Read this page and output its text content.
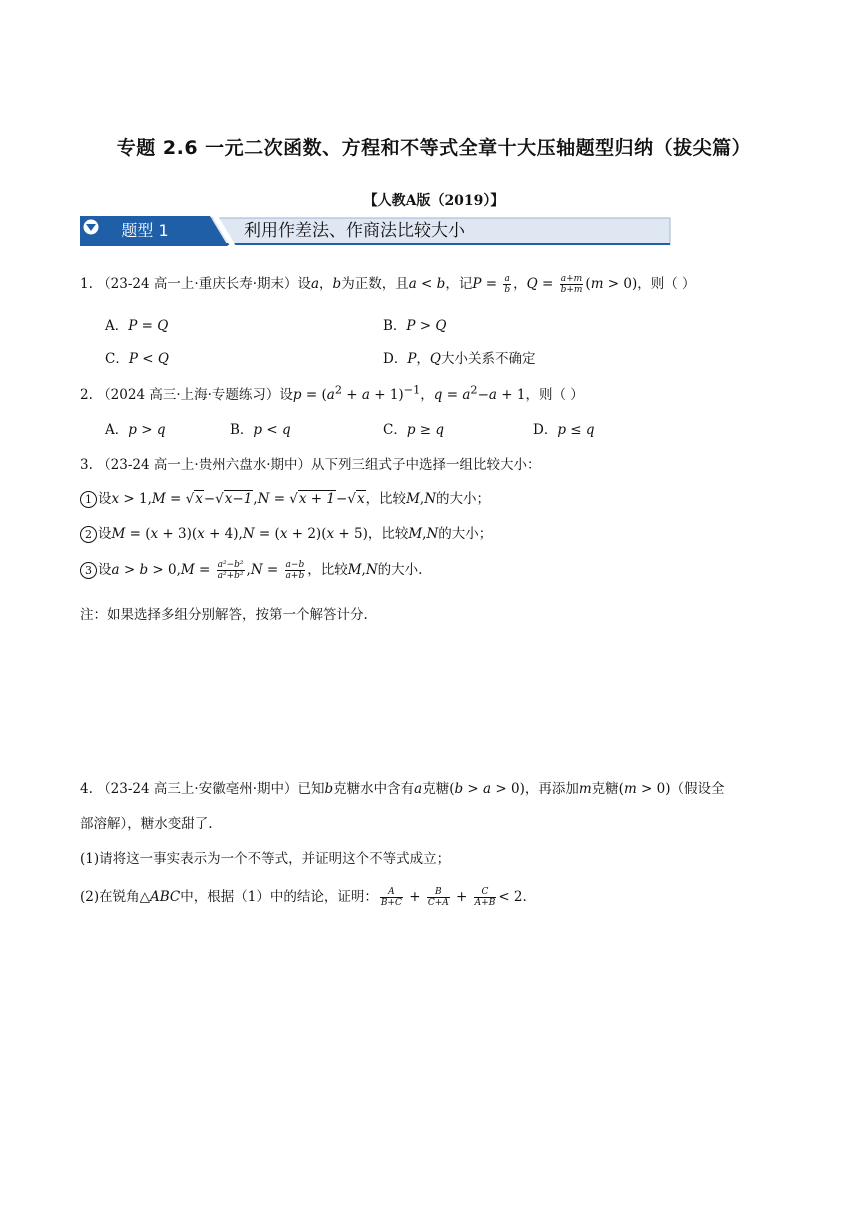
专题 2.6 一元二次函数、方程和不等式全章十大压轴题型归纳（拔尖篇）
【人教A版（2019）】
题型 1	利用作差法、作商法比较大小
1. （23-24 高一上·重庆长寿·期末）设a，b为正数，且a < b，记$P = \frac{a}{b}$ ，$Q = \frac{a+m}{b+m} (m > 0)$，则（ ）
A．P = Q	B．P > Q
C．P < Q	D．P，Q大小关系不确定
2. （2024 高三·上海·专题练习）设$p = (a^2 + a + 1)^{-1}$，$q = a^2-a + 1$，则（ ）
A．p > q	B．p < q	C．p ≥ q	D．p ≤ q
3. （23-24 高一上·贵州六盘水·期中）从下列三组式子中选择一组比较大小：
1 设x > 1,M = √x−√x−1,N = √x + 1−√x，比较M,N的大小；
2 设M = (x + 3)(x + 4),N = (x + 2)(x + 5)，比较M,N的大小；
3 设$a > b > 0,M = \frac{\text{a²−b²}}{\text{a²+b²}} ,N = \frac{a-b}{a+b}$ ，比较M,N的大小.
注：如果选择多组分别解答，按第一个解答计分.
4. （23-24 高三上·安徽亳州·期中）已知b克糖水中含有a克糖(b > a > 0)，再添加m克糖(m > 0)（假设全
部溶解），糖水变甜了.
(1)请将这一事实表示为一个不等式，并证明这个不等式成立；
(2)在锐角△ABC中，根据（1）中的结论，证明： $\frac{A}{B+C} + \frac{B}{C+A} + \frac{C}{A+B} < 2$.
